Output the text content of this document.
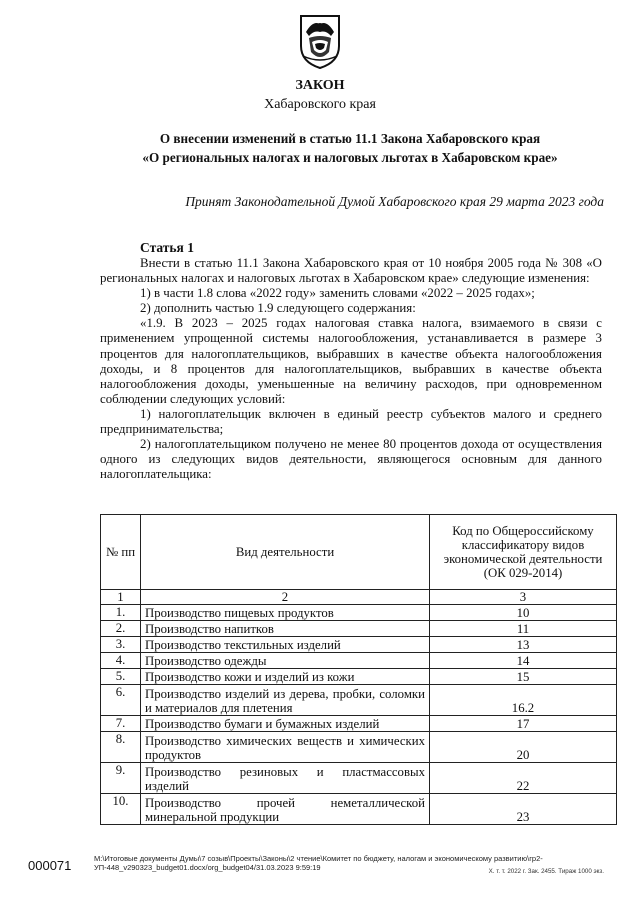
ЗАКОН
Хабаровского края
О внесении изменений в статью 11.1 Закона Хабаровского края
«О региональных налогах и налоговых льготах в Хабаровском крае»
Принят Законодательной Думой Хабаровского края 29 марта 2023 года
Статья 1

Внести в статью 11.1 Закона Хабаровского края от 10 ноября 2005 года № 308 «О региональных налогах и налоговых льготах в Хабаровском крае» следующие изменения:

1) в части 1.8 слова «2022 году» заменить словами «2022 – 2025 годах»;

2) дополнить частью 1.9 следующего содержания:

«1.9. В 2023 – 2025 годах налоговая ставка налога, взимаемого в связи с применением упрощенной системы налогообложения, устанавливается в размере 3 процентов для налогоплательщиков, выбравших в качестве объекта налогообложения доходы, и 8 процентов для налогоплательщиков, выбравших в качестве объекта налогообложения доходы, уменьшенные на величину расходов, при одновременном соблюдении следующих условий:

1) налогоплательщик включен в единый реестр субъектов малого и среднего предпринимательства;

2) налогоплательщиком получено не менее 80 процентов дохода от осуществления одного из следующих видов деятельности, являющегося основным для данного налогоплательщика:

№ пп	Вид деятельности	Код по Общероссийскому классификатору видов экономической деятельности (ОК 029-2014)
1	2	3
1.	Производство пищевых продуктов	10
2.	Производство напитков	11
3.	Производство текстильных изделий	13
4.	Производство одежды	14
5.	Производство кожи и изделий из кожи	15
6.	Производство изделий из дерева, пробки, соломки и материалов для плетения	16.2
7.	Производство бумаги и бумажных изделий	17
8.	Производство химических веществ и химических продуктов	20
9.	Производство резиновых и пластмассовых изделий	22
10.	Производство прочей неметаллической минеральной продукции	23
000071	M:\Итоговые документы Думы\7 созыв\Проекты\Законы\2 чтение\Комитет по бюджету, налогам и экономическому развитию\гр2-УП-448_v290323_budget01.docx/org_budget04/31.03.2023 9:59:19	Х. т. т. 2022 г. Зак. 2455. Тираж 1000 экз.
